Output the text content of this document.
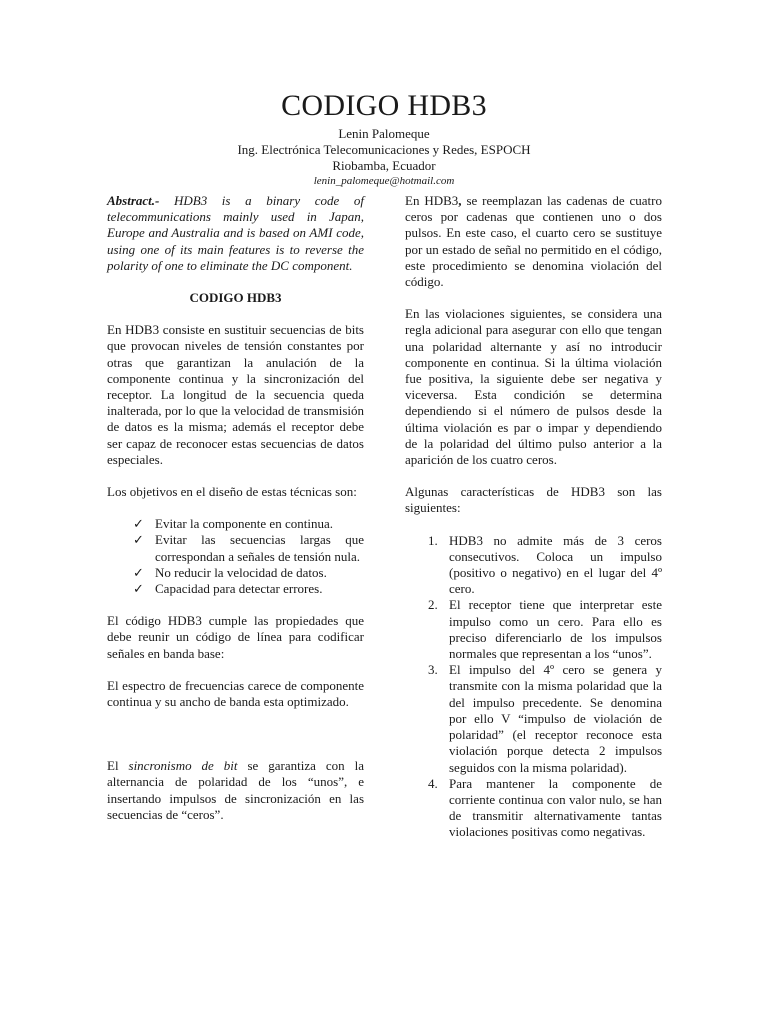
CODIGO HDB3
Lenin Palomeque
Ing. Electrónica Telecomunicaciones y Redes, ESPOCH
Riobamba, Ecuador
lenin_palomeque@hotmail.com

Abstract.- HDB3 is a binary code of telecommunications mainly used in Japan, Europe and Australia and is based on AMI code, using one of its main features is to reverse the polarity of one to eliminate the DC component.

CODIGO HDB3

En HDB3 consiste en sustituir secuencias de bits que provocan niveles de tensión constantes por otras que garantizan la anulación de la componente continua y la sincronización del receptor. La longitud de la secuencia queda inalterada, por lo que la velocidad de transmisión de datos es la misma; además el receptor debe ser capaz de reconocer estas secuencias de datos especiales.

Los objetivos en el diseño de estas técnicas son:

✓ Evitar la componente en continua.
✓ Evitar las secuencias largas que correspondan a señales de tensión nula.
✓ No reducir la velocidad de datos.
✓ Capacidad para detectar errores.

El código HDB3 cumple las propiedades que debe reunir un código de línea para codificar señales en banda base:

El espectro de frecuencias carece de componente continua y su ancho de banda esta optimizado.

El sincronismo de bit se garantiza con la alternancia de polaridad de los “unos”, e insertando impulsos de sincronización en las secuencias de “ceros”.

En HDB3, se reemplazan las cadenas de cuatro ceros por cadenas que contienen uno o dos pulsos. En este caso, el cuarto cero se sustituye por un estado de señal no permitido en el código, este procedimiento se denomina violación del código.

En las violaciones siguientes, se considera una regla adicional para asegurar con ello que tengan una polaridad alternante y así no introducir componente en continua. Si la última violación fue positiva, la siguiente debe ser negativa y viceversa. Esta condición se determina dependiendo si el número de pulsos desde la última violación es par o impar y dependiendo de la polaridad del último pulso anterior a la aparición de los cuatro ceros.

Algunas características de HDB3 son las siguientes:

1. HDB3 no admite más de 3 ceros consecutivos. Coloca un impulso (positivo o negativo) en el lugar del 4º cero.
2. El receptor tiene que interpretar este impulso como un cero. Para ello es preciso diferenciarlo de los impulsos normales que representan a los “unos”.
3. El impulso del 4º cero se genera y transmite con la misma polaridad que la del impulso precedente. Se denomina por ello V “impulso de violación de polaridad” (el receptor reconoce esta violación porque detecta 2 impulsos seguidos con la misma polaridad).
4. Para mantener la componente de corriente continua con valor nulo, se han de transmitir alternativamente tantas violaciones positivas como negativas.
